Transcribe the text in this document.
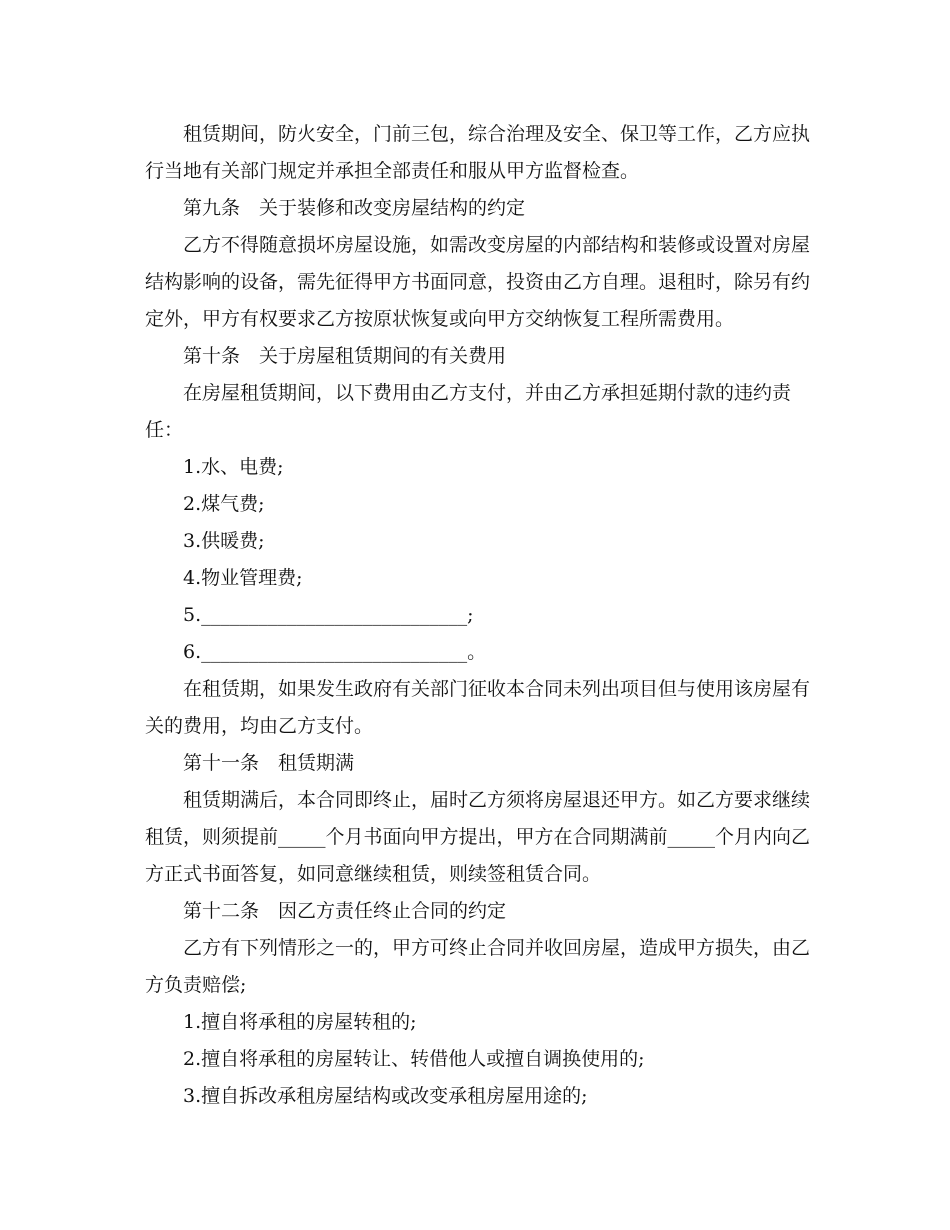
租赁期间，防火安全，门前三包，综合治理及安全、保卫等工作，乙方应执

行当地有关部门规定并承担全部责任和服从甲方监督检查。

第九条　关于装修和改变房屋结构的约定

乙方不得随意损坏房屋设施，如需改变房屋的内部结构和装修或设置对房屋

结构影响的设备，需先征得甲方书面同意，投资由乙方自理。退租时，除另有约

定外，甲方有权要求乙方按原状恢复或向甲方交纳恢复工程所需费用。

第十条　关于房屋租赁期间的有关费用

在房屋租赁期间，以下费用由乙方支付，并由乙方承担延期付款的违约责

任：

1.水、电费;

2.煤气费;

3.供暖费;

4.物业管理费;

5.____________________________;

6.____________________________。

在租赁期，如果发生政府有关部门征收本合同未列出项目但与使用该房屋有

关的费用，均由乙方支付。

第十一条　租赁期满

租赁期满后，本合同即终止，届时乙方须将房屋退还甲方。如乙方要求继续

租赁，则须提前_____个月书面向甲方提出，甲方在合同期满前_____个月内向乙

方正式书面答复，如同意继续租赁，则续签租赁合同。

第十二条　因乙方责任终止合同的约定

乙方有下列情形之一的，甲方可终止合同并收回房屋，造成甲方损失，由乙

方负责赔偿;

1.擅自将承租的房屋转租的;

2.擅自将承租的房屋转让、转借他人或擅自调换使用的;

3.擅自拆改承租房屋结构或改变承租房屋用途的;
